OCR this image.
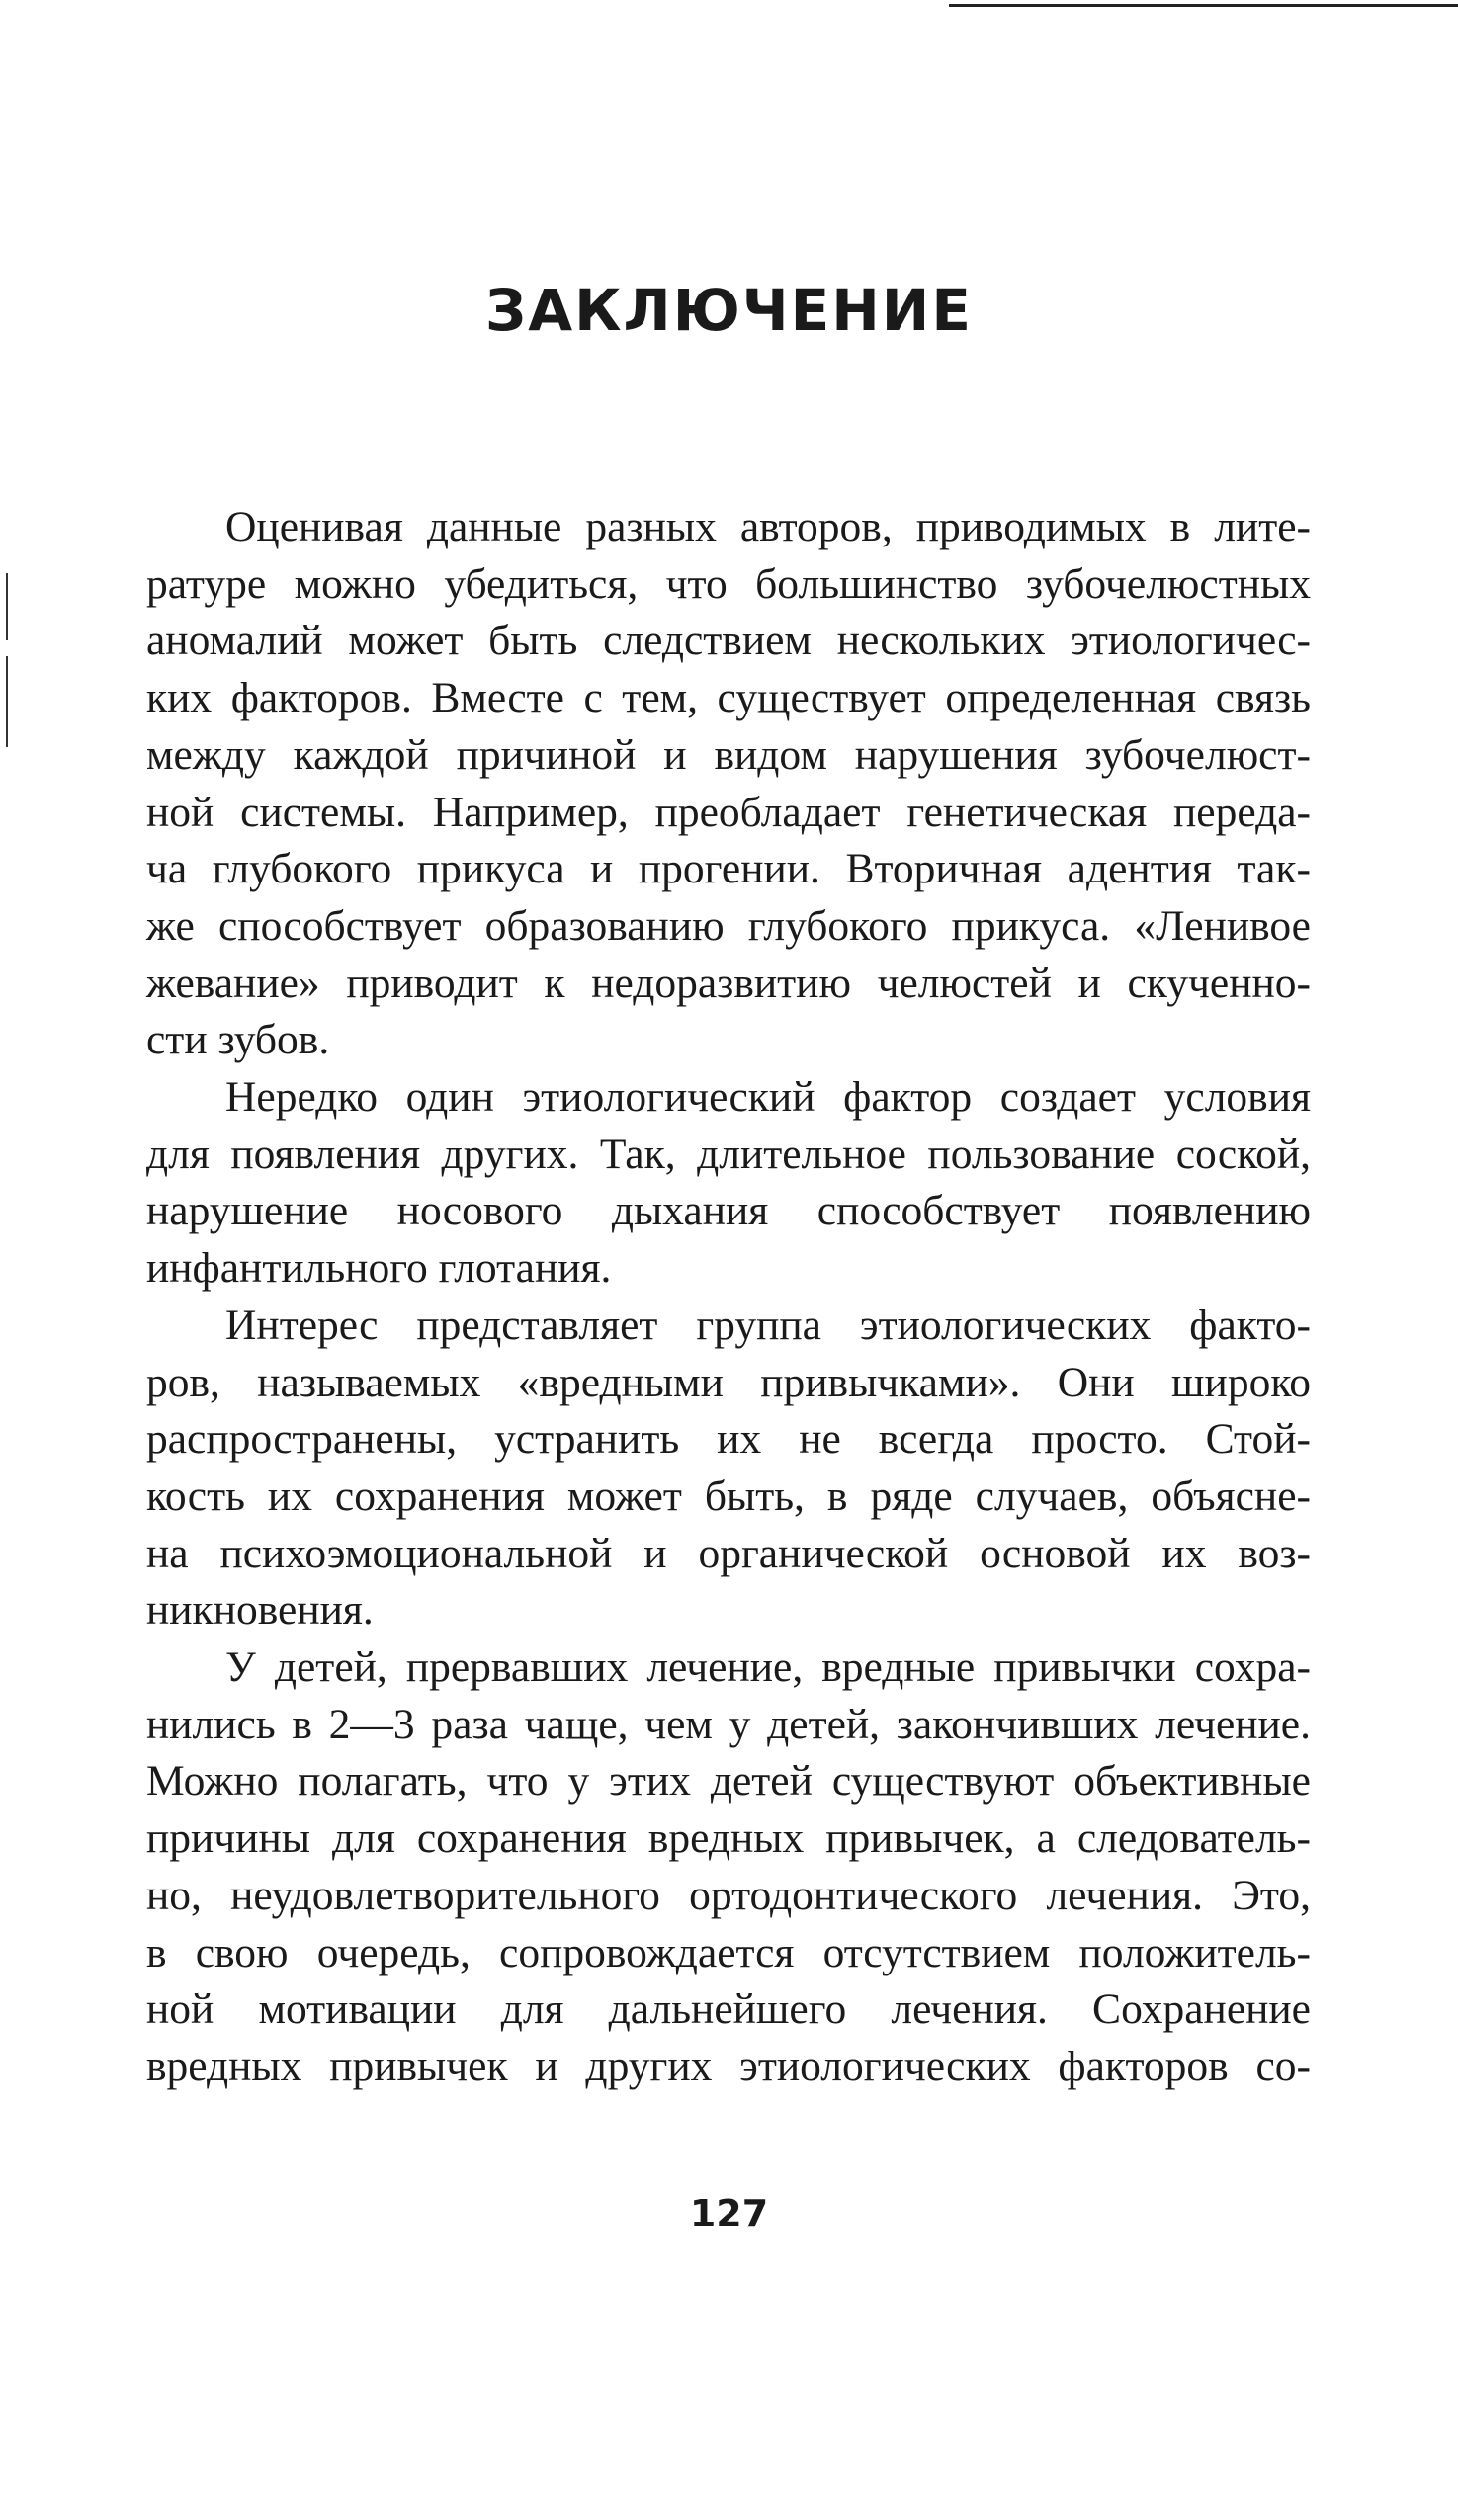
ЗАКЛЮЧЕНИЕ

Оценивая данные разных авторов, приводимых в лите-
ратуре можно убедиться, что большинство зубочелюстных
аномалий может быть следствием нескольких этиологичес-
ких факторов. Вместе с тем, существует определенная связь
между каждой причиной и видом нарушения зубочелюст-
ной системы. Например, преобладает генетическая переда-
ча глубокого прикуса и прогении. Вторичная адентия так-
же способствует образованию глубокого прикуса. «Ленивое
жевание» приводит к недоразвитию челюстей и скученно-
сти зубов.

Нередко один этиологический фактор создает условия
для появления других. Так, длительное пользование соской,
нарушение носового дыхания способствует появлению
инфантильного глотания.

Интерес представляет группа этиологических факто-
ров, называемых «вредными привычками». Они широко
распространены, устранить их не всегда просто. Стой-
кость их сохранения может быть, в ряде случаев, объясне-
на психоэмоциональной и органической основой их воз-
никновения.

У детей, прервавших лечение, вредные привычки сохра-
нились в 2—3 раза чаще, чем у детей, закончивших лечение.
Можно полагать, что у этих детей существуют объективные
причины для сохранения вредных привычек, а следователь-
но, неудовлетворительного ортодонтического лечения. Это,
в свою очередь, сопровождается отсутствием положитель-
ной мотивации для дальнейшего лечения. Сохранение
вредных привычек и других этиологических факторов со-

127
